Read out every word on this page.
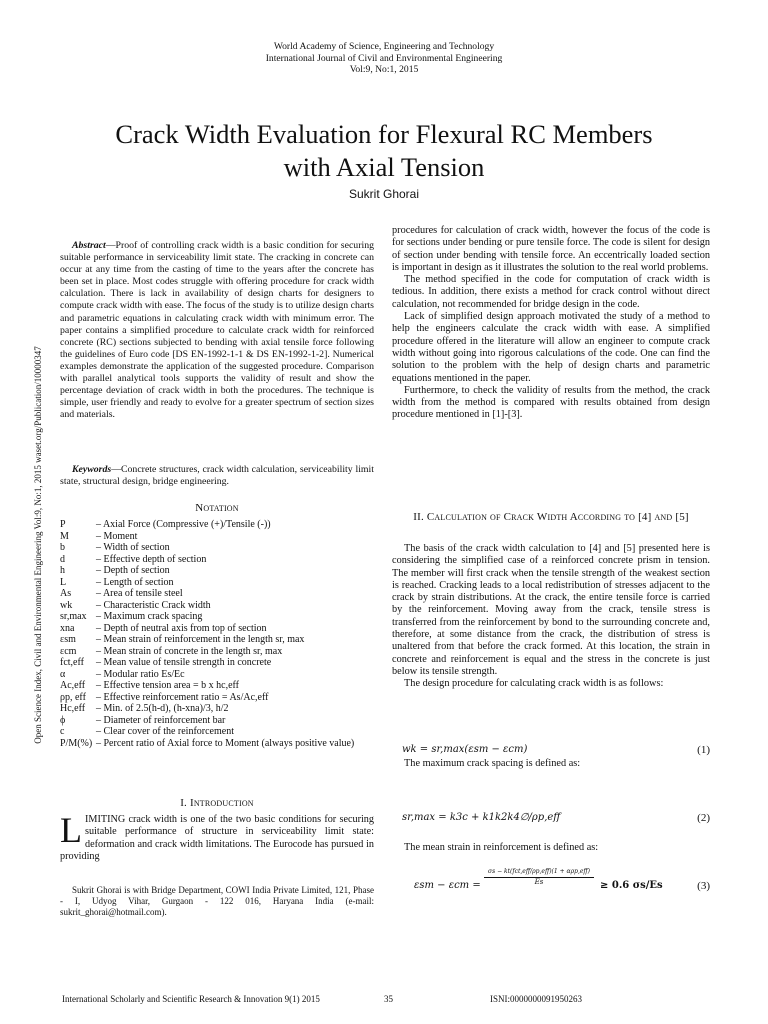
World Academy of Science, Engineering and Technology
International Journal of Civil and Environmental Engineering
Vol:9, No:1, 2015
Crack Width Evaluation for Flexural RC Members
with Axial Tension
Sukrit Ghorai
Open Science Index, Civil and Environmental Engineering Vol:9, No:1, 2015 waset.org/Publication/10000347

Abstract—Proof of controlling crack width is a basic condition for securing suitable performance in serviceability limit state. The cracking in concrete can occur at any time from the casting of time to the years after the concrete has been set in place. Most codes struggle with offering procedure for crack width calculation. There is lack in availability of design charts for designers to compute crack width with ease. The focus of the study is to utilize design charts and parametric equations in calculating crack width with minimum error. The paper contains a simplified procedure to calculate crack width for reinforced concrete (RC) sections subjected to bending with axial tensile force following the guidelines of Euro code [DS EN-1992-1-1 & DS EN-1992-1-2]. Numerical examples demonstrate the application of the suggested procedure. Comparison with parallel analytical tools supports the validity of result and show the percentage deviation of crack width in both the procedures. The technique is simple, user friendly and ready to evolve for a greater spectrum of section sizes and materials.

Keywords—Concrete structures, crack width calculation, serviceability limit state, structural design, bridge engineering.

Notation
P	– Axial Force (Compressive (+)/Tensile (-))
M	– Moment
b	– Width of section
d	– Effective depth of section
h	– Depth of section
L	– Length of section
As	– Area of tensile steel
wk	– Characteristic Crack width
sr,max – Maximum crack spacing
xna	– Depth of neutral axis from top of section
εsm	– Mean strain of reinforcement in the length sr, max
εcm	– Mean strain of concrete in the length sr, max
fct,eff	– Mean value of tensile strength in concrete
α	– Modular ratio Es/Ec
Ac,eff	– Effective tension area = b x hc,eff
ρp, eff	– Effective reinforcement ratio = As/Ac,eff
Hc,eff	– Min. of 2.5(h-d), (h-xna)/3, h/2
ϕ	– Diameter of reinforcement bar
c	– Clear cover of the reinforcement
P/M(%) – Percent ratio of Axial force to Moment (always positive value)
I. Introduction

LIMITING crack width is one of the two basic conditions for securing suitable performance of structure in serviceability limit state: deformation and crack width limitations. The Eurocode has pursued in providing

Sukrit Ghorai is with Bridge Department, COWI India Private Limited, 121, Phase - I, Udyog Vihar, Gurgaon - 122 016, Haryana India (e-mail: sukrit_ghorai@hotmail.com).

procedures for calculation of crack width, however the focus of the code is for sections under bending or pure tensile force. The code is silent for design of section under bending with tensile force. An eccentrically loaded section is important in design as it illustrates the solution to the real world problems.

The method specified in the code for computation of crack width is tedious. In addition, there exists a method for crack control without direct calculation, not recommended for bridge design in the code.

Lack of simplified design approach motivated the study of a method to help the engineers calculate the crack width with ease. A simplified procedure offered in the literature will allow an engineer to compute crack width without going into rigorous calculations of the code. One can find the solution to the problem with the help of design charts and parametric equations mentioned in the paper.

Furthermore, to check the validity of results from the method, the crack width from the method is compared with results obtained from design procedure mentioned in [1]-[3].

II. Calculation of Crack Width According to [4] and [5]

The basis of the crack width calculation to [4] and [5] presented here is considering the simplified case of a reinforced concrete prism in tension. The member will first crack when the tensile strength of the weakest section is reached. Cracking leads to a local redistribution of stresses adjacent to the crack by strain distributions. At the crack, the entire tensile force is carried by the reinforcement. Moving away from the crack, tensile stress is transferred from the reinforcement by bond to the surrounding concrete and, therefore, at some distance from the crack, the distribution of stress is unaltered from that before the crack formed. At this location, the strain in concrete and reinforcement is equal and the stress in the concrete is just below its tensile strength.

The design procedure for calculating crack width is as follows:

wk = sr,max(εsm − εcm)	(1)

The maximum crack spacing is defined as:

sr,max = k3c + k1k2k4∅/ρp,eff	(2)

The mean strain in reinforcement is defined as:

εsm − εcm =
σs − kt(fct,eff/ρp,eff)(1 + αρp,eff)
Es	≥ 0.6 σs/Es	(3)
International Scholarly and Scientific Research & Innovation 9(1) 2015	35	ISNI:0000000091950263
